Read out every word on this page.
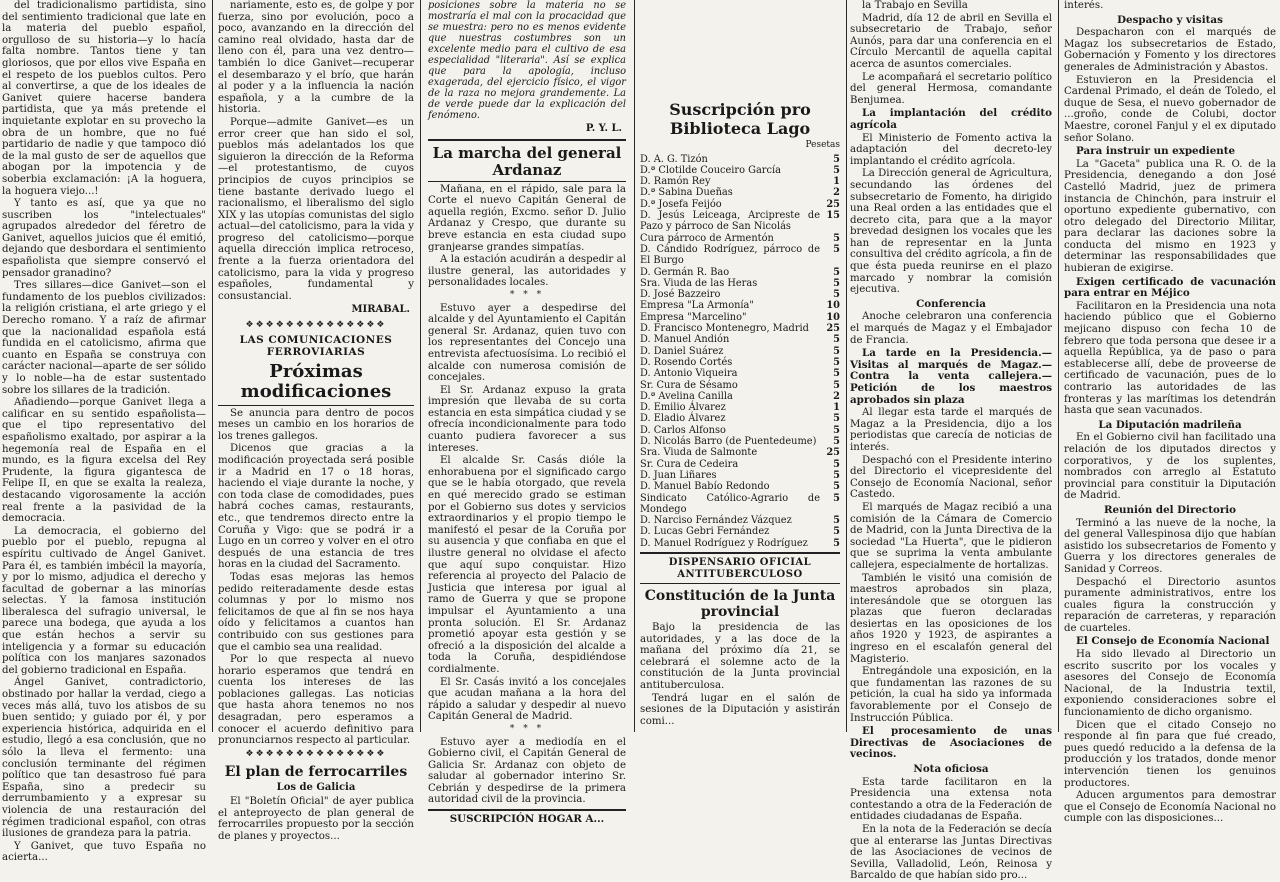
del tradicionalismo partidista, sino del sentimiento tradicional que late en la materia del pueblo español, orgulloso de su historia—y lo hacía falta nombre. Tantos tiene y tan gloriosos, que por ellos vive España en el respeto de los pueblos cultos. Pero al convertirse, a que de los ideales de Ganivet quiere hacerse bandera partidista, que ya más pretende el inquietante explotar en su provecho la obra de un hombre, que no fué partidario de nadie y que tampoco dió de la mal gusto de ser de aquellos que abogan por la impotencia y de soberbia exclamación: ¡A la hoguera, la hoguera viejo...!

Y tanto es así, que ya que no suscriben los "intelectuales" agrupados alrededor del féretro de Ganivet, aquellos juicios que él emitió, dejando que desbordara el sentimiento españolista que siempre conservó el pensador granadino?

Tres sillares—dice Ganivet—son el fundamento de los pueblos civilizados: la religión cristiana, el arte griego y el Derecho romano. Y a raíz de afirmar que la nacionalidad española está fundida en el catolicismo, afirma que cuanto en España se construya con carácter nacional—aparte de ser sólido y lo noble—ha de estar sustentado sobre los sillares de la tradición.

Añadiendo—porque Ganivet llega a calificar en su sentido españolista—que el tipo representativo del españolismo exaltado, por aspirar a la hegemonía real de España en el mundo, es la figura excelsa del Rey Prudente, la figura gigantesca de Felipe II, en que se exalta la realeza, destacando vigorosamente la acción real frente a la pasividad de la democracia.

La democracia, el gobierno del pueblo por el pueblo, repugna al espíritu cultivado de Ángel Ganivet. Para él, es también imbécil la mayoría, y por lo mismo, adjudica el derecho y facultad de gobernar a las minorías selectas. Y la famosa institución liberalesca del sufragio universal, le parece una bodega, que ayuda a los que están hechos a servir su inteligencia y a formar su educación política con los manjares sazonados del gobierno tradicional en España.

Ángel Ganivet, contradictorio, obstinado por hallar la verdad, ciego a veces más allá, tuvo los atisbos de su buen sentido; y guiado por él, y por experiencia histórica, adquirida en el estudio, llegó a esa conclusión, que no sólo la lleva el fermento: una conclusión terminante del régimen político que tan desastroso fué para España, sino a predecir su derrumbamiento y a expresar su violencia de una restauración del régimen tradicional español, con otras ilusiones de grandeza para la patria.

Y Ganivet, que tuvo España no acierta...

nariamente, esto es, de golpe y por fuerza, sino por evolución, poco a poco, avanzando en la dirección del camino real olvidado, hasta dar de lleno con él, para una vez dentro—también lo dice Ganivet—recuperar el desembarazo y el brío, que harán al poder y a la influencia la nación española, y a la cumbre de la historia.

Porque—admite Ganivet—es un error creer que han sido el sol, pueblos más adelantados los que siguieron la dirección de la Reforma—el protestantismo, de cuyos principios de cuyos principios se tiene bastante derivado luego el racionalismo, el liberalismo del siglo XIX y las utopías comunistas del siglo actual—del catolicismo, para la vida y progreso del catolicismo—porque aquella dirección implica retroceso, frente a la fuerza orientadora del catolicismo, para la vida y progreso españoles, fundamental y consustancial.

MIRABAL.
❖❖❖❖❖❖❖❖❖❖❖❖❖❖
LAS COMUNICACIONES FERROVIARIAS
Próximas modificaciones

Se anuncia para dentro de pocos meses un cambio en los horarios de los trenes gallegos.

Dicenos que gracias a la modificación proyectada será posible ir a Madrid en 17 o 18 horas, haciendo el viaje durante la noche, y con toda clase de comodidades, pues habrá coches camas, restaurants, etc., que tendremos directo entre la Coruña y Vigo: que se podrá ir a Lugo en un correo y volver en el otro después de una estancia de tres horas en la ciudad del Sacramento.

Todas esas mejoras las hemos pedido reiteradamente desde estas columnas y por lo mismo nos felicitamos de que al fin se nos haya oído y felicitamos a cuantos han contribuido con sus gestiones para que el cambio sea una realidad.

Por lo que respecta al nuevo horario esperamos que tendrá en cuenta los intereses de las poblaciones gallegas. Las noticias que hasta ahora tenemos no nos desagradan, pero esperamos a conocer el acuerdo definitivo para pronunciarnos respecto al particular.

❖❖❖❖❖❖❖❖❖❖❖❖❖❖
El plan de ferrocarriles
Los de Galicia

El "Boletín Oficial" de ayer publica el anteproyecto de plan general de ferrocarriles propuesto por la sección de planes y proyectos...

posiciones sobre la materia no se mostraría el mal con la procacidad que se muestra: pero no es menos evidente que nuestras costumbres son un excelente medio para el cultivo de esa especialidad "literaria". Así se explica que para la apología, incluso exagerada, del ejercicio físico, el vigor de la raza no mejora grandemente. La de verde puede dar la explicación del fenómeno.
P. Y. L.
La marcha del general Ardanaz

Mañana, en el rápido, sale para la Corte el nuevo Capitán General de aquella región, Excmo. señor D. Julio Ardanaz y Crespo, que durante su breve estancia en esta ciudad supo granjearse grandes simpatías.

A la estación acudirán a despedir al ilustre general, las autoridades y personalidades locales.

* * *

Estuvo ayer a despedirse del alcalde y del Ayuntamiento el Capitán general Sr. Ardanaz, quien tuvo con los representantes del Concejo una entrevista afectuosísima. Lo recibió el alcalde con numerosa comisión de concejales.

El Sr. Ardanaz expuso la grata impresión que llevaba de su corta estancia en esta simpática ciudad y se ofrecía incondicionalmente para todo cuanto pudiera favorecer a sus intereses.

El alcalde Sr. Casás dióle la enhorabuena por el significado cargo que se le había otorgado, que revela en qué merecido grado se estiman por el Gobierno sus dotes y servicios extraordinarios y el propio tiempo le manifestó el pesar de la Coruña por su ausencia y que confiaba en que el ilustre general no olvidase el afecto que aquí supo conquistar. Hizo referencia al proyecto del Palacio de Justicia que interesa por igual al ramo de Guerra y que se propone impulsar el Ayuntamiento a una pronta solución. El Sr. Ardanaz prometió apoyar esta gestión y se ofreció a la disposición del alcalde a toda la Coruña, despidiéndose cordialmente.

El Sr. Casás invitó a los concejales que acudan mañana a la hora del rápido a saludar y despedir al nuevo Capitán General de Madrid.

* * *

Estuvo ayer a mediodía en el Gobierno civil, el Capitán General de Galicia Sr. Ardanaz con objeto de saludar al gobernador interino Sr. Cebrián y despedirse de la primera autoridad civil de la provincia.

SUSCRIPCIÓN HOGAR A...
Suscripción pro Biblioteca Lago
Pesetas
D. A. G. Tizón	5
D.ª Clotilde Couceiro García	5
D. Ramón Rey	1
D.ª Sabina Dueñas	2
D.ª Josefa Feijóo	25
D. Jesús Leiceaga, Arcipreste de Pazo y párroco de San Nicolás	15
Cura párroco de Armentón	5
D. Cándido Rodríguez, párroco de El Burgo	5
D. Germán R. Bao	5
Sra. Viuda de las Heras	5
D. José Bazzeiro	5
Empresa "La Armonía"	10
Empresa "Marcelino"	10
D. Francisco Montenegro, Madrid	25
D. Manuel Andión	5
D. Daniel Suárez	5
D. Rosendo Cortés	5
D. Antonio Viqueira	5
Sr. Cura de Sésamo	5
D.ª Avelina Canilla	2
D. Emilio Álvarez	1
D. Eladio Álvarez	5
D. Carlos Alfonso	5
D. Nicolás Barro (de Puentedeume)	5
Sra. Viuda de Salmonte	25
Sr. Cura de Cedeira	5
D. Juan Liñares	5
D. Manuel Babío Redondo	5
Sindicato Católico-Agrario de Mondego	5
D. Narciso Fernández Vázquez	5
D. Lucas Gebri Fernández	5
D. Manuel Rodríguez y Rodríguez	5
DISPENSARIO OFICIAL ANTITUBERCULOSO
Constitución de la Junta provincial

Bajo la presidencia de las autoridades, y a las doce de la mañana del próximo día 21, se celebrará el solemne acto de la constitución de la Junta provincial antituberculosa.

Tendrá lugar en el salón de sesiones de la Diputación y asistirán comi...

la Trabajo en Sevilla

Madrid, día 12 de abril en Sevilla el subsecretario de Trabajo, señor Aunós, para dar una conferencia en el Círculo Mercantil de aquella capital acerca de asuntos comerciales.

Le acompañará el secretario político del general Hermosa, comandante Benjumea.

La implantación del crédito agrícola

El Ministerio de Fomento activa la adaptación del decreto-ley implantando el crédito agrícola.

La Dirección general de Agricultura, secundando las órdenes del subsecretario de Fomento, ha dirigido una Real orden a las entidades que el decreto cita, para que a la mayor brevedad designen los vocales que les han de representar en la Junta consultiva del crédito agrícola, a fin de que ésta pueda reunirse en el plazo marcado y nombrar la comisión ejecutiva.

Conferencia

Anoche celebraron una conferencia el marqués de Magaz y el Embajador de Francia.

La tarde en la Presidencia.—Visitas al marqués de Magaz.—Contra la venta callejera.—Petición de los maestros aprobados sin plaza

Al llegar esta tarde el marqués de Magaz a la Presidencia, dijo a los periodistas que carecía de noticias de interés.

Despachó con el Presidente interino del Directorio el vicepresidente del Consejo de Economía Nacional, señor Castedo.

El marqués de Magaz recibió a una comisión de la Cámara de Comercio de Madrid, con la Junta Directiva de la sociedad "La Huerta", que le pidieron que se suprima la venta ambulante callejera, especialmente de hortalizas.

También le visitó una comisión de maestros aprobados sin plaza, interesándole que se otorguen las plazas que fueron declaradas desiertas en las oposiciones de los años 1920 y 1923, de aspirantes a ingreso en el escalafón general del Magisterio.

Entregándole una exposición, en la que fundamentan las razones de su petición, la cual ha sido ya informada favorablemente por el Consejo de Instrucción Pública.

El procesamiento de unas Directivas de Asociaciones de vecinos.
Nota oficiosa

Esta tarde facilitaron en la Presidencia una extensa nota contestando a otra de la Federación de entidades ciudadanas de España.

En la nota de la Federación se decía que al enterarse las Juntas Directivas de las Asociaciones de vecinos de Sevilla, Valladolid, León, Reinosa y Barcaldo de que habían sido pro...

interés.
Despacho y visitas

Despacharon con el marqués de Magaz los subsecretarios de Estado, Gobernación y Fomento y los directores generales de Administración y Abastos.

Estuvieron en la Presidencia el Cardenal Primado, el deán de Toledo, el duque de Sesa, el nuevo gobernador de ...groño, conde de Colubi, doctor Maestre, coronel Fanjul y el ex diputado señor Solano.

Para instruir un expediente

La "Gaceta" publica una R. O. de la Presidencia, denegando a don José Castelló Madrid, juez de primera instancia de Chinchón, para instruir el oportuno expediente gubernativo, con otro delegado del Directorio Militar, para declarar las daciones sobre la conducta del mismo en 1923 y determinar las responsabilidades que hubieran de exigirse.

Exigen certificado de vacunación para entrar en Méjico

Facilitaron en la Presidencia una nota haciendo público que el Gobierno mejicano dispuso con fecha 10 de febrero que toda persona que desee ir a aquella República, ya de paso o para establecerse allí, debe de proveerse de certificado de vacunación, pues de lo contrario las autoridades de las fronteras y las marítimas los detendrán hasta que sean vacunados.

La Diputación madrileña

En el Gobierno civil han facilitado una relación de los diputados directos y corporativos, y de los suplentes, nombrados con arreglo al Estatuto provincial para constituir la Diputación de Madrid.

Reunión del Directorio

Terminó a las nueve de la noche, la del general Vallespinosa dijo que habían asistido los subsecretarios de Fomento y Guerra y los directores generales de Sanidad y Correos.

Despachó el Directorio asuntos puramente administrativos, entre los cuales figura la construcción y reparación de carreteras, y reparación de cuarteles.

El Consejo de Economía Nacional

Ha sido llevado al Directorio un escrito suscrito por los vocales y asesores del Consejo de Economía Nacional, de la Industria textil, exponiendo consideraciones sobre el funcionamiento de dicho organismo.

Dicen que el citado Consejo no responde al fin para que fué creado, pues quedó reducido a la defensa de la producción y los tratados, donde menor intervención tienen los genuinos productores.

Aducen argumentos para demostrar que el Consejo de Economía Nacional no cumple con las disposiciones...
